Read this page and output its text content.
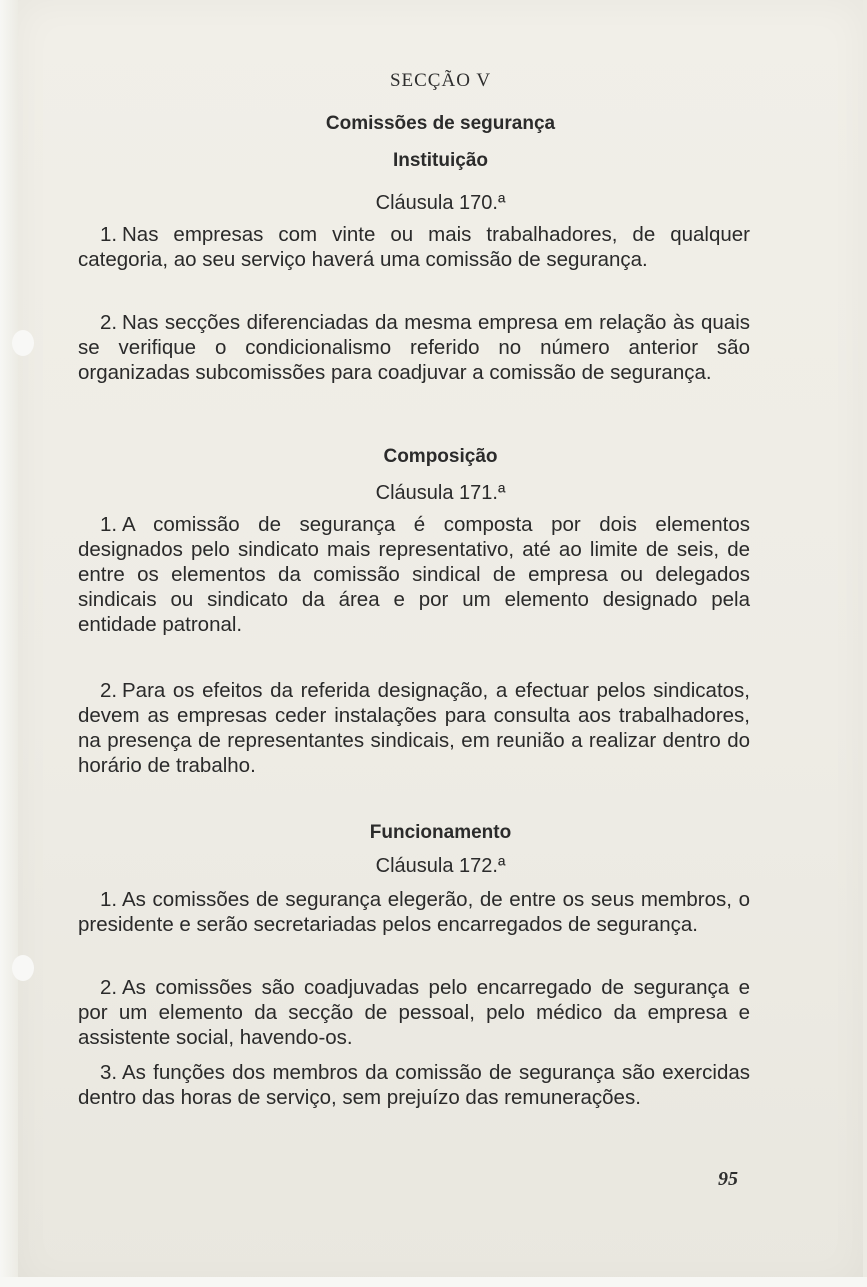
SECÇÃO V
Comissões de segurança
Instituição
Cláusula 170.ª
1. Nas empresas com vinte ou mais trabalhadores, de qualquer categoria, ao seu serviço haverá uma comissão de segurança.
2. Nas secções diferenciadas da mesma empresa em relação às quais se verifique o condicionalismo referido no número anterior são organizadas subcomissões para coadjuvar a comissão de segurança.
Composição
Cláusula 171.ª
1. A comissão de segurança é composta por dois elementos designados pelo sindicato mais representativo, até ao limite de seis, de entre os elementos da comissão sindical de empresa ou delegados sindicais ou sindicato da área e por um elemento designado pela entidade patronal.
2. Para os efeitos da referida designação, a efectuar pelos sindicatos, devem as empresas ceder instalações para consulta aos trabalhadores, na presença de representantes sindicais, em reunião a realizar dentro do horário de trabalho.
Funcionamento
Cláusula 172.ª
1. As comissões de segurança elegerão, de entre os seus membros, o presidente e serão secretariadas pelos encarregados de segurança.
2. As comissões são coadjuvadas pelo encarregado de segurança e por um elemento da secção de pessoal, pelo médico da empresa e assistente social, havendo-os.
3. As funções dos membros da comissão de segurança são exercidas dentro das horas de serviço, sem prejuízo das remunerações.
95
